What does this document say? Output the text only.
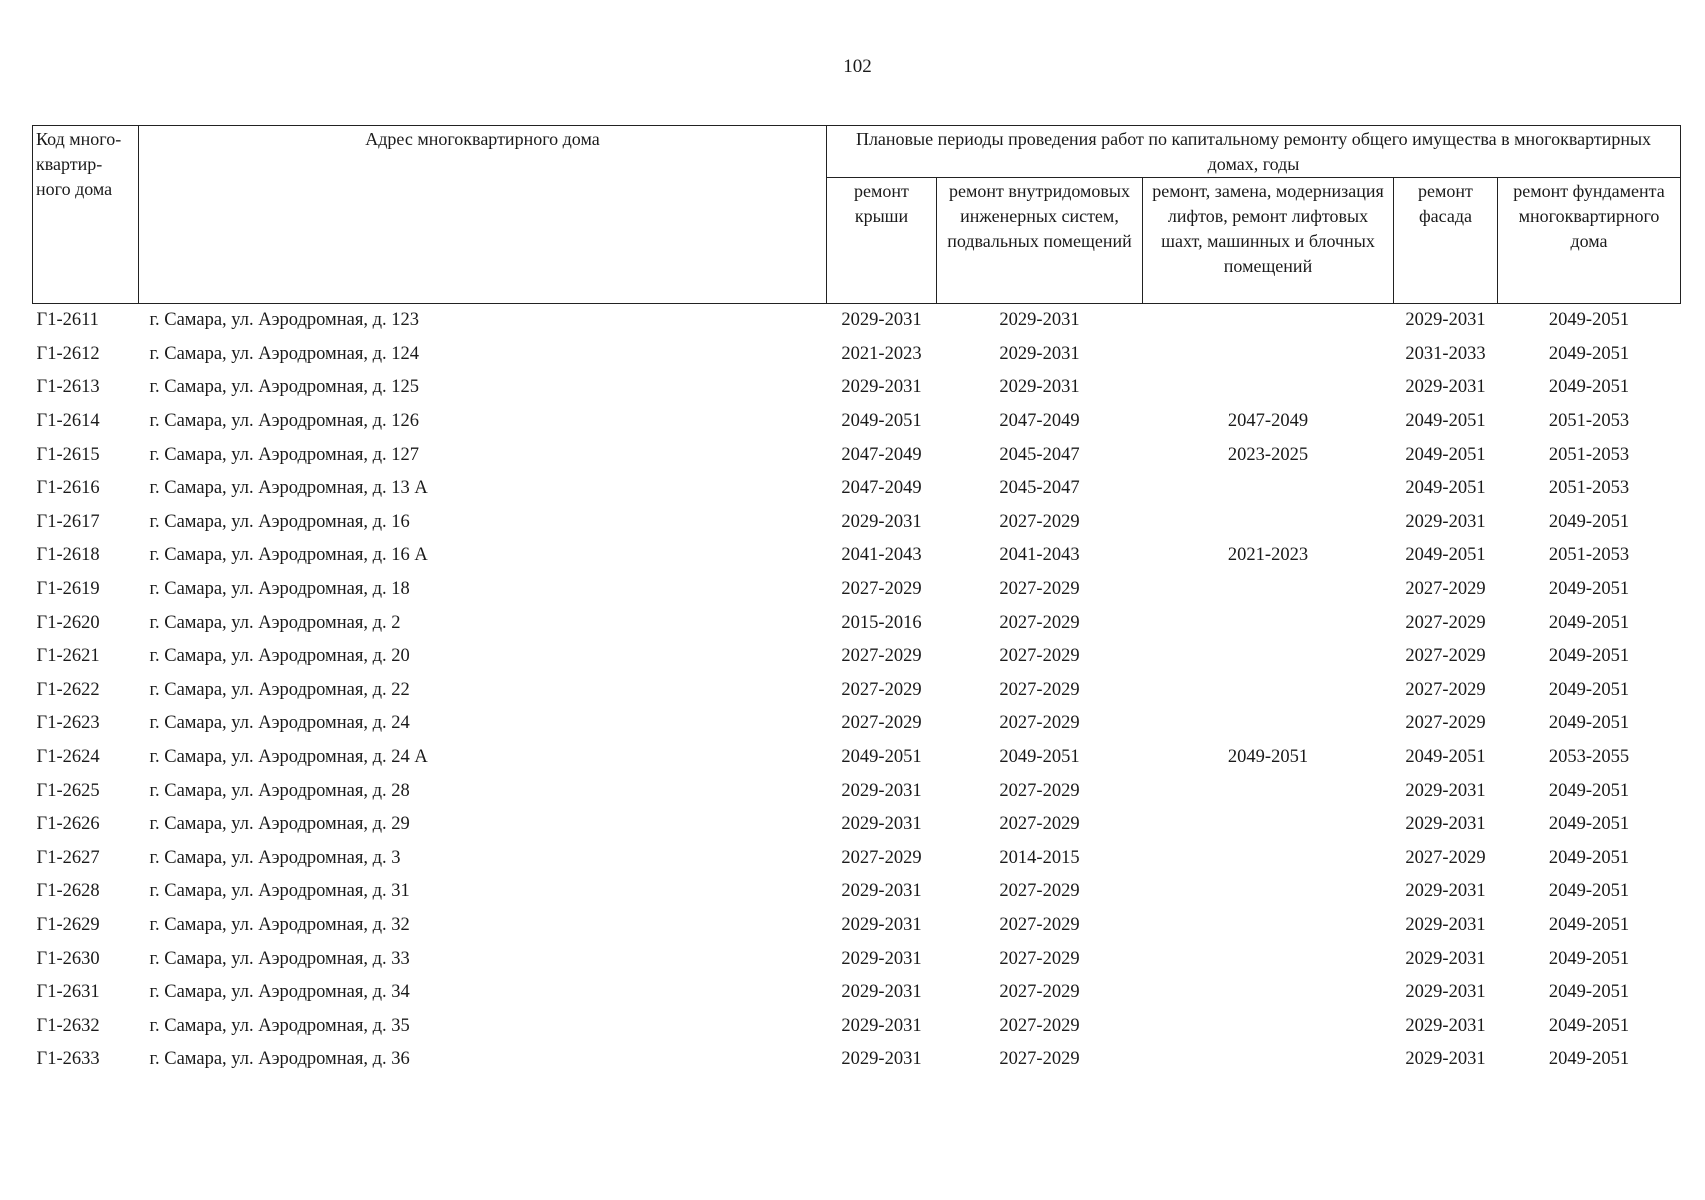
102
Код много-квартир-ного дома	Адрес многоквартирного дома	Плановые периоды проведения работ по капитальному ремонту общего имущества в многоквартирных домах, годы				
		ремонт крыши	ремонт внутридомовых инженерных систем, подвальных помещений	ремонт, замена, модернизация лифтов, ремонт лифтовых шахт, машинных и блочных помещений	ремонт фасада	ремонт фундамента многоквартирного дома
Г1-2611	г. Самара, ул. Аэродромная, д. 123	2029-2031	2029-2031		2029-2031	2049-2051
Г1-2612	г. Самара, ул. Аэродромная, д. 124	2021-2023	2029-2031		2031-2033	2049-2051
Г1-2613	г. Самара, ул. Аэродромная, д. 125	2029-2031	2029-2031		2029-2031	2049-2051
Г1-2614	г. Самара, ул. Аэродромная, д. 126	2049-2051	2047-2049	2047-2049	2049-2051	2051-2053
Г1-2615	г. Самара, ул. Аэродромная, д. 127	2047-2049	2045-2047	2023-2025	2049-2051	2051-2053
Г1-2616	г. Самара, ул. Аэродромная, д. 13 А	2047-2049	2045-2047		2049-2051	2051-2053
Г1-2617	г. Самара, ул. Аэродромная, д. 16	2029-2031	2027-2029		2029-2031	2049-2051
Г1-2618	г. Самара, ул. Аэродромная, д. 16 А	2041-2043	2041-2043	2021-2023	2049-2051	2051-2053
Г1-2619	г. Самара, ул. Аэродромная, д. 18	2027-2029	2027-2029		2027-2029	2049-2051
Г1-2620	г. Самара, ул. Аэродромная, д. 2	2015-2016	2027-2029		2027-2029	2049-2051
Г1-2621	г. Самара, ул. Аэродромная, д. 20	2027-2029	2027-2029		2027-2029	2049-2051
Г1-2622	г. Самара, ул. Аэродромная, д. 22	2027-2029	2027-2029		2027-2029	2049-2051
Г1-2623	г. Самара, ул. Аэродромная, д. 24	2027-2029	2027-2029		2027-2029	2049-2051
Г1-2624	г. Самара, ул. Аэродромная, д. 24 А	2049-2051	2049-2051	2049-2051	2049-2051	2053-2055
Г1-2625	г. Самара, ул. Аэродромная, д. 28	2029-2031	2027-2029		2029-2031	2049-2051
Г1-2626	г. Самара, ул. Аэродромная, д. 29	2029-2031	2027-2029		2029-2031	2049-2051
Г1-2627	г. Самара, ул. Аэродромная, д. 3	2027-2029	2014-2015		2027-2029	2049-2051
Г1-2628	г. Самара, ул. Аэродромная, д. 31	2029-2031	2027-2029		2029-2031	2049-2051
Г1-2629	г. Самара, ул. Аэродромная, д. 32	2029-2031	2027-2029		2029-2031	2049-2051
Г1-2630	г. Самара, ул. Аэродромная, д. 33	2029-2031	2027-2029		2029-2031	2049-2051
Г1-2631	г. Самара, ул. Аэродромная, д. 34	2029-2031	2027-2029		2029-2031	2049-2051
Г1-2632	г. Самара, ул. Аэродромная, д. 35	2029-2031	2027-2029		2029-2031	2049-2051
Г1-2633	г. Самара, ул. Аэродромная, д. 36	2029-2031	2027-2029		2029-2031	2049-2051
